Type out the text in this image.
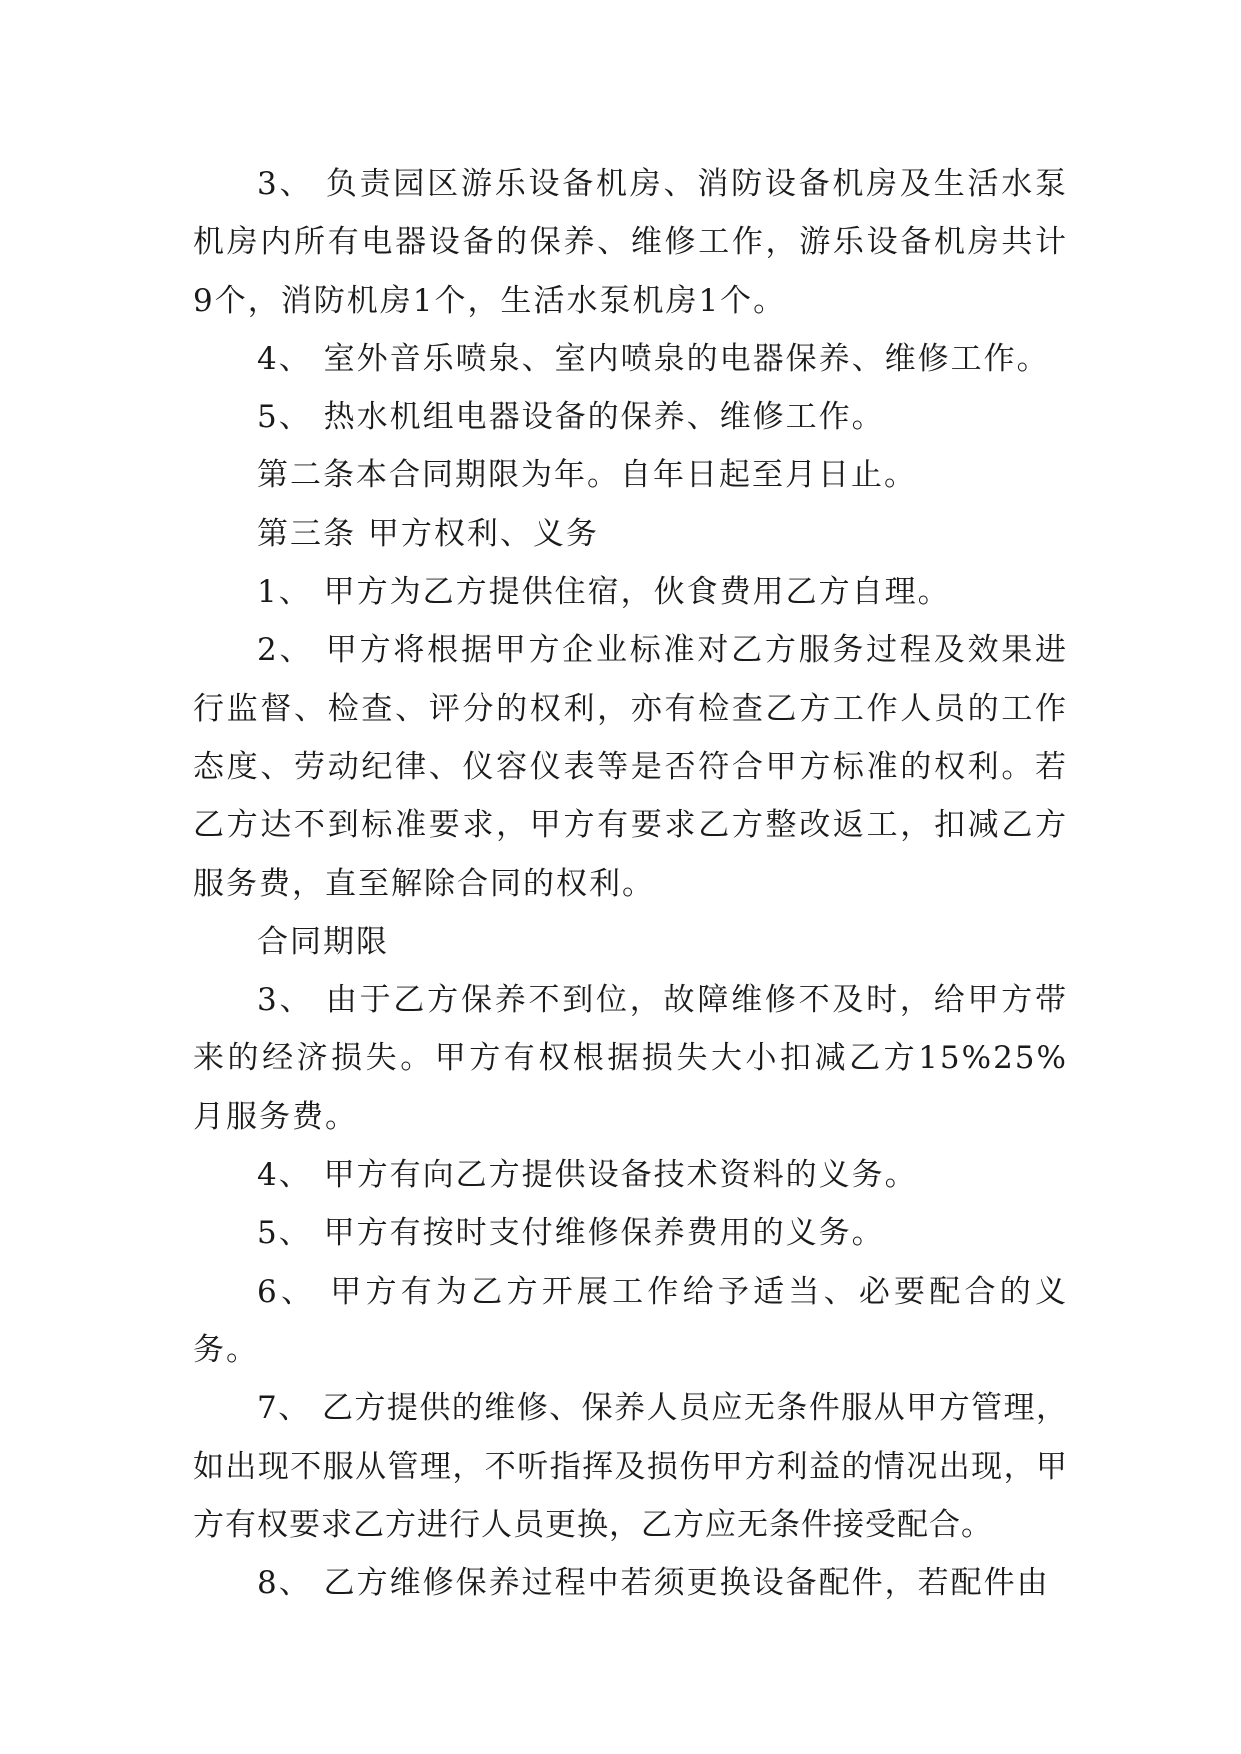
3、 负责园区游乐设备机房、消防设备机房及生活水泵机房内所有电器设备的保养、维修工作，游乐设备机房共计9个，消防机房1个，生活水泵机房1个。

4、 室外音乐喷泉、室内喷泉的电器保养、维修工作。

5、 热水机组电器设备的保养、维修工作。

第二条本合同期限为年。自年日起至月日止。

第三条 甲方权利、义务

1、 甲方为乙方提供住宿，伙食费用乙方自理。

2、 甲方将根据甲方企业标准对乙方服务过程及效果进行监督、检查、评分的权利，亦有检查乙方工作人员的工作态度、劳动纪律、仪容仪表等是否符合甲方标准的权利。若乙方达不到标准要求，甲方有要求乙方整改返工，扣减乙方服务费，直至解除合同的权利。

合同期限

3、 由于乙方保养不到位，故障维修不及时，给甲方带来的经济损失。甲方有权根据损失大小扣减乙方15%25%月服务费。

4、 甲方有向乙方提供设备技术资料的义务。

5、 甲方有按时支付维修保养费用的义务。

6、 甲方有为乙方开展工作给予适当、必要配合的义务。

7、 乙方提供的维修、保养人员应无条件服从甲方管理，如出现不服从管理，不听指挥及损伤甲方利益的情况出现，甲方有权要求乙方进行人员更换，乙方应无条件接受配合。

8、 乙方维修保养过程中若须更换设备配件，若配件由
